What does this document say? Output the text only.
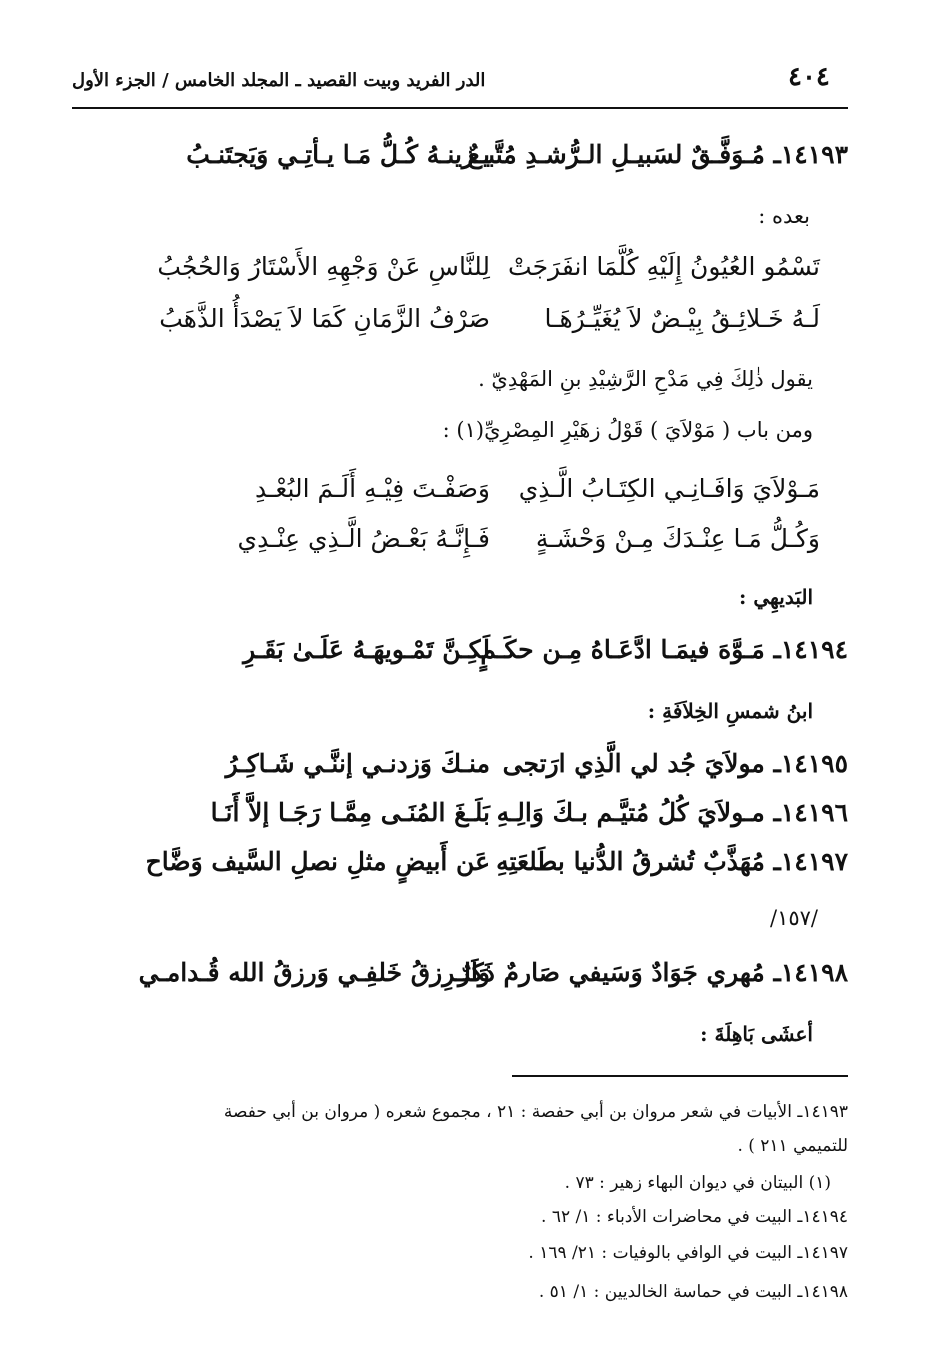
٤٠٤
الدر الفريد وبيت القصيد ـ المجلد الخامس / الجزء الأول
١٤١٩٣ـ مُـوَفَّـقٌ لسَبيـلِ الـرُّشـدِ مُتَّبـعٌ
يـزينـهُ كُـلُّ مَـا يـأتِـي وَيَجتَنـبُ
بعده :
تَسْمُو العُيُونُ إِلَيْهِ كُلَّمَا انفَرَجَتْ
لِلنَّاسِ عَنْ وَجْهِهِ الأَسْتَارُ وَالحُجُبُ
لَـهُ خَـلائِـقُ بِيْـضٌ لاَ يُغَيِّـرُهَـا
صَرْفُ الزَّمَانِ كَمَا لاَ يَصْدَأُ الذَّهَبُ
يقول ذٰلِكَ فِي مَدْحِ الرَّشِيْدِ بنِ المَهْدِيّ .
ومن باب ( مَوْلاَيَ ) قَوْلُ زهَيْرِ المِصْرِيِّ(١) :
مَـوْلاَيَ وَافَـانِـي الكِتَـابُ الَّـذِي
وَصَفْـتَ فِيْـهِ أَلَـمَ البُعْـدِ
وَكُـلُّ مَـا عِنْـدَكَ مِـنْ وَحْشَـةٍ
فَـإِنَّـهُ بَعْـضُ الَّـذِي عِنْـدِي
البَديهِي :
١٤١٩٤ـ مَـوَّهَ فيمَـا ادَّعَـاهُ مِـن حكَـمٍ
لَكِـنَّ تَمْـويهَـهُ عَلَـىٰ بَقَـرِ
ابنُ شمسِ الخِلاَفَةِ :
١٤١٩٥ـ مولاَيَ جُد لي الَّذِي ارَتجى
منـكَ وَزدنـي إننَّـي شَـاكِـرُ
١٤١٩٦ـ مـولاَيَ كُلُ مُتيَّـم بـكَ وَالِـهِ
بَلَـغَ المُنَـى مِمَّـا رَجَـا إلاَّ أَنَـا
١٤١٩٧ـ مُهَذَّبٌ تُشرقُ الدُّنيا بطَلعَتِهِ
عَن أَبيضٍ مثلِ نصلِ السَّيف وَضَّاح
/١٥٧/
١٤١٩٨ـ مُهري جَوَادٌ وَسَيفي صَارمٌ ذَكَرٌ
وَالـرِزقُ خَلفِـي وَرزقُ الله قُـدامـي
أعشَى بَاهِلَةَ :
١٤١٩٣ـ الأبيات في شعر مروان بن أبي حفصة : ٢١ ، مجموع شعره ( مروان بن أبي حفصة
للتميمي ٢١١ ) .
(١) البيتان في ديوان البهاء زهير : ٧٣ .
١٤١٩٤ـ البيت في محاضرات الأدباء : ١/ ٦٢ .
١٤١٩٧ـ البيت في الوافي بالوفيات : ٢١/ ١٦٩ .
١٤١٩٨ـ البيت في حماسة الخالديين : ١/ ٥١ .
